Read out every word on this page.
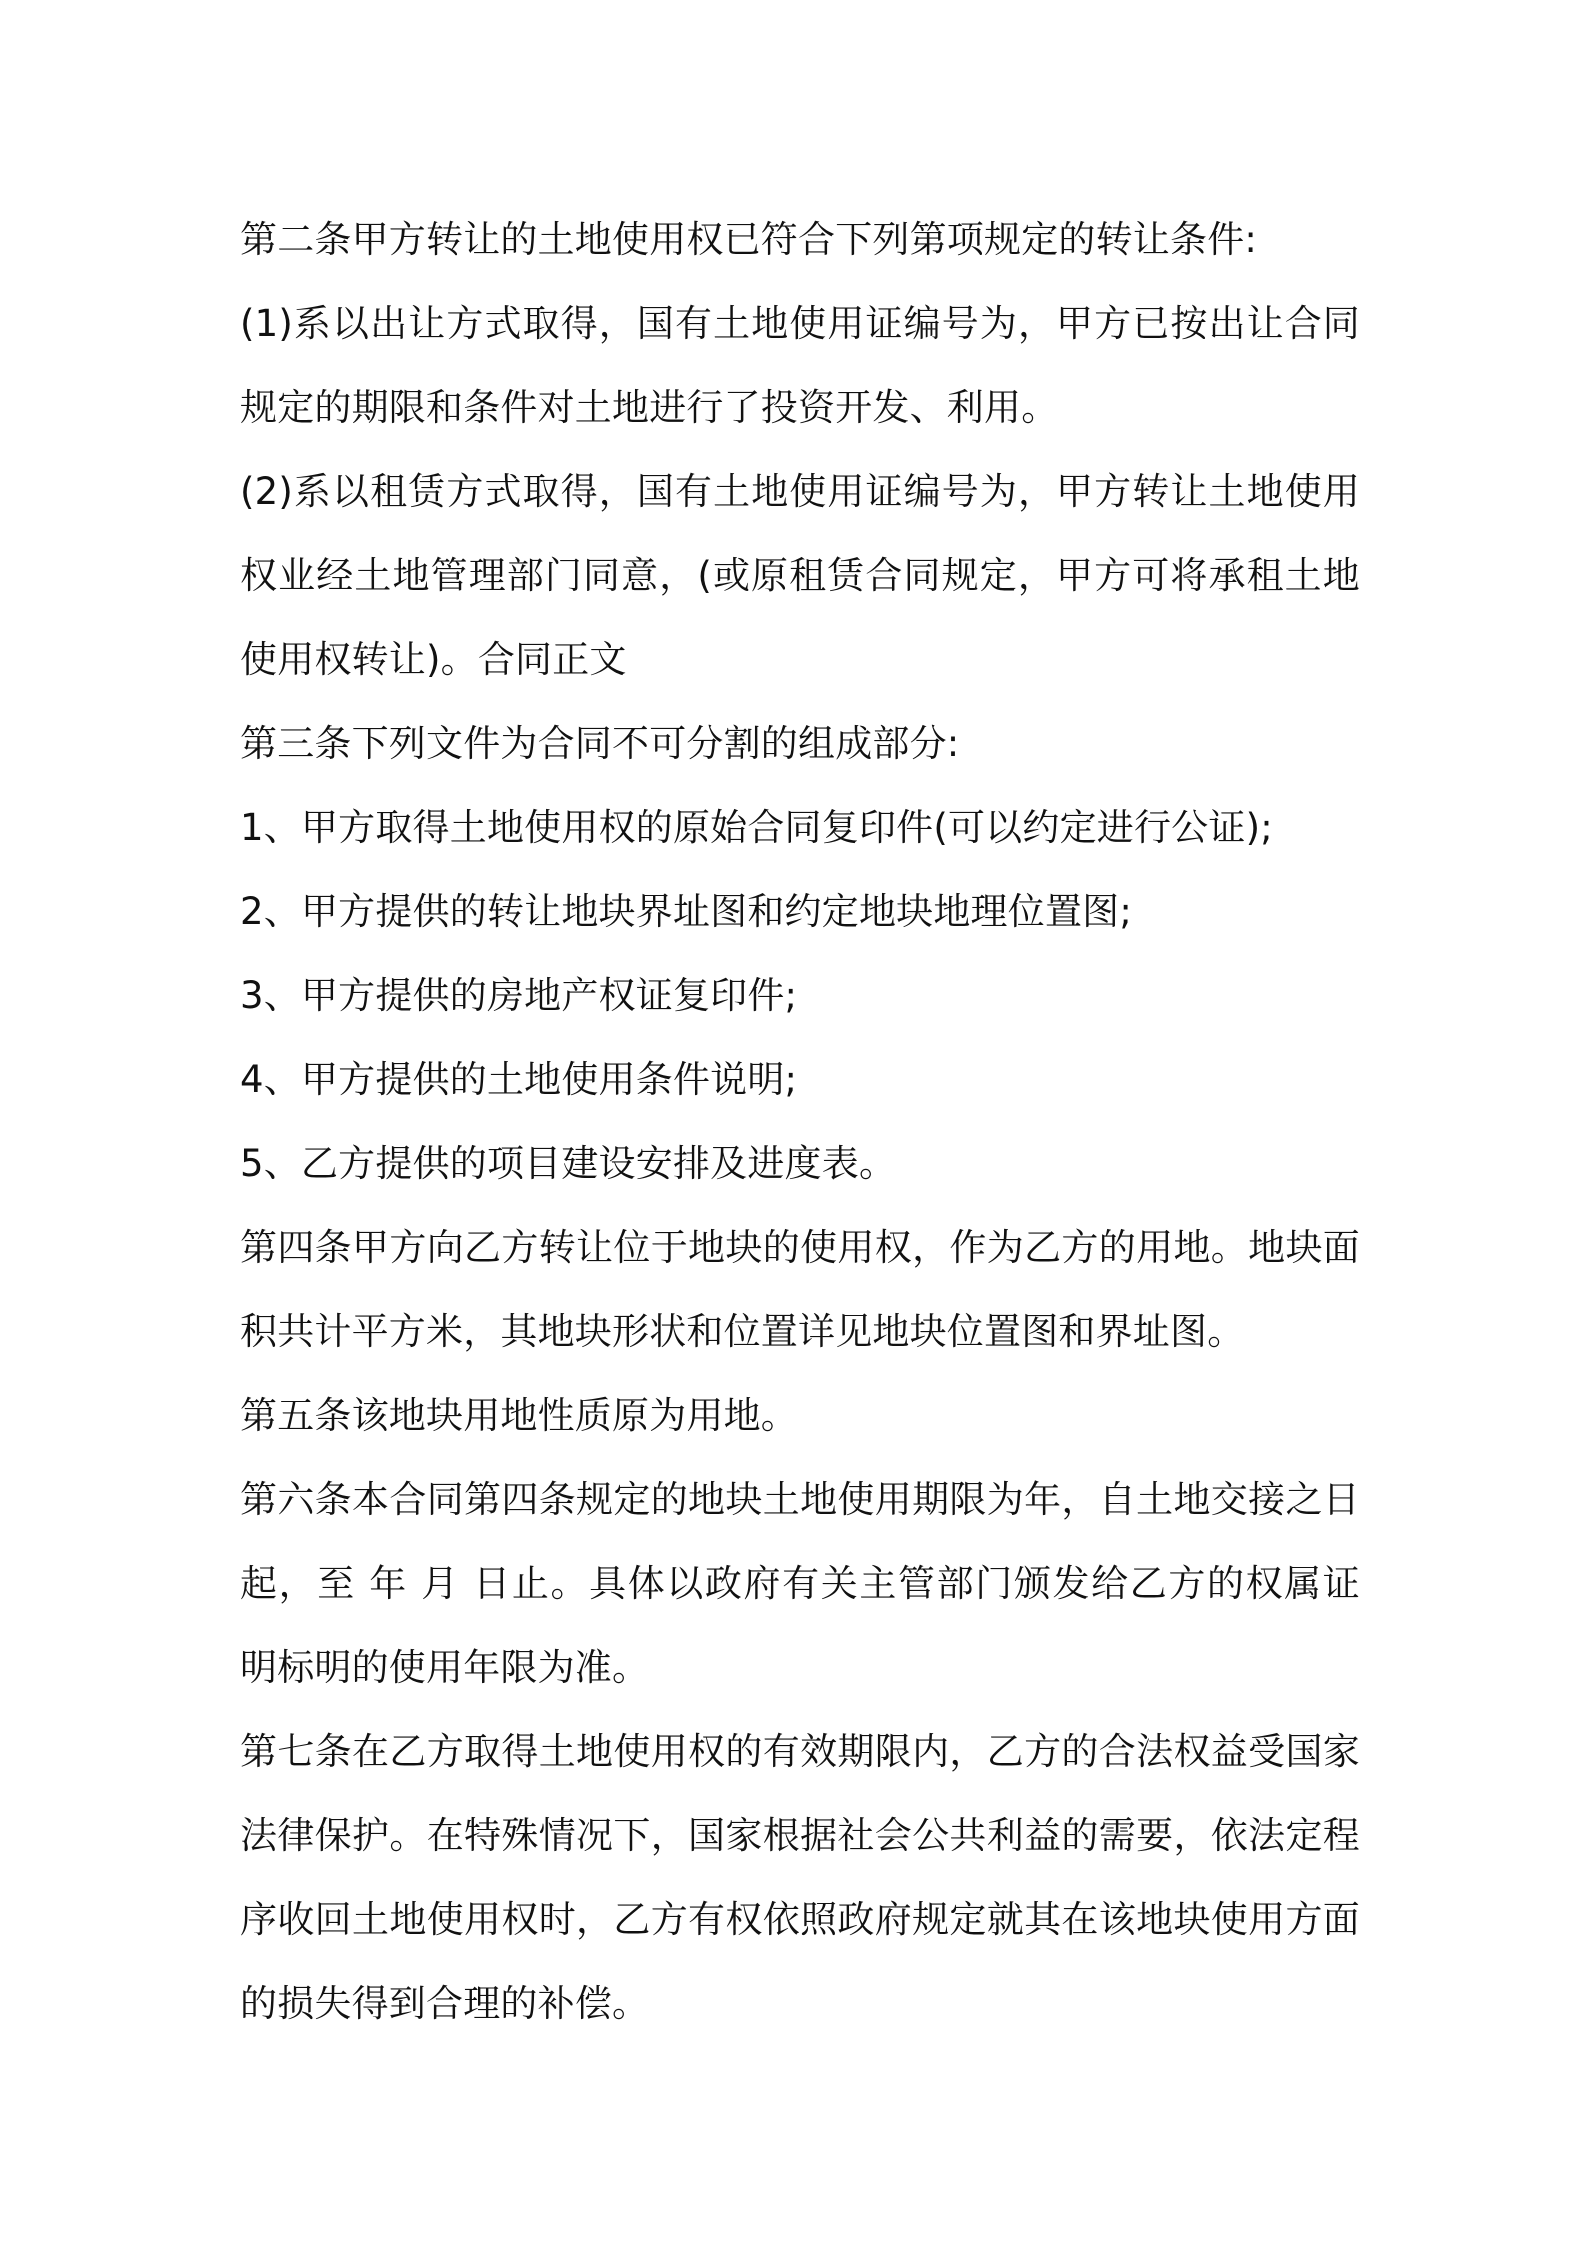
第二条甲方转让的土地使用权已符合下列第项规定的转让条件:
(1)系以出让方式取得，国有土地使用证编号为，甲方已按出让合同
规定的期限和条件对土地进行了投资开发、利用。
(2)系以租赁方式取得，国有土地使用证编号为，甲方转让土地使用
权业经土地管理部门同意，(或原租赁合同规定，甲方可将承租土地
使用权转让)。合同正文
第三条下列文件为合同不可分割的组成部分:
1、甲方取得土地使用权的原始合同复印件(可以约定进行公证);
2、甲方提供的转让地块界址图和约定地块地理位置图;
3、甲方提供的房地产权证复印件;
4、甲方提供的土地使用条件说明;
5、乙方提供的项目建设安排及进度表。
第四条甲方向乙方转让位于地块的使用权，作为乙方的用地。地块面
积共计平方米，其地块形状和位置详见地块位置图和界址图。
第五条该地块用地性质原为用地。
第六条本合同第四条规定的地块土地使用期限为年，自土地交接之日
起，至 年 月 日止。具体以政府有关主管部门颁发给乙方的权属证
明标明的使用年限为准。
第七条在乙方取得土地使用权的有效期限内，乙方的合法权益受国家
法律保护。在特殊情况下，国家根据社会公共利益的需要，依法定程
序收回土地使用权时，乙方有权依照政府规定就其在该地块使用方面
的损失得到合理的补偿。
